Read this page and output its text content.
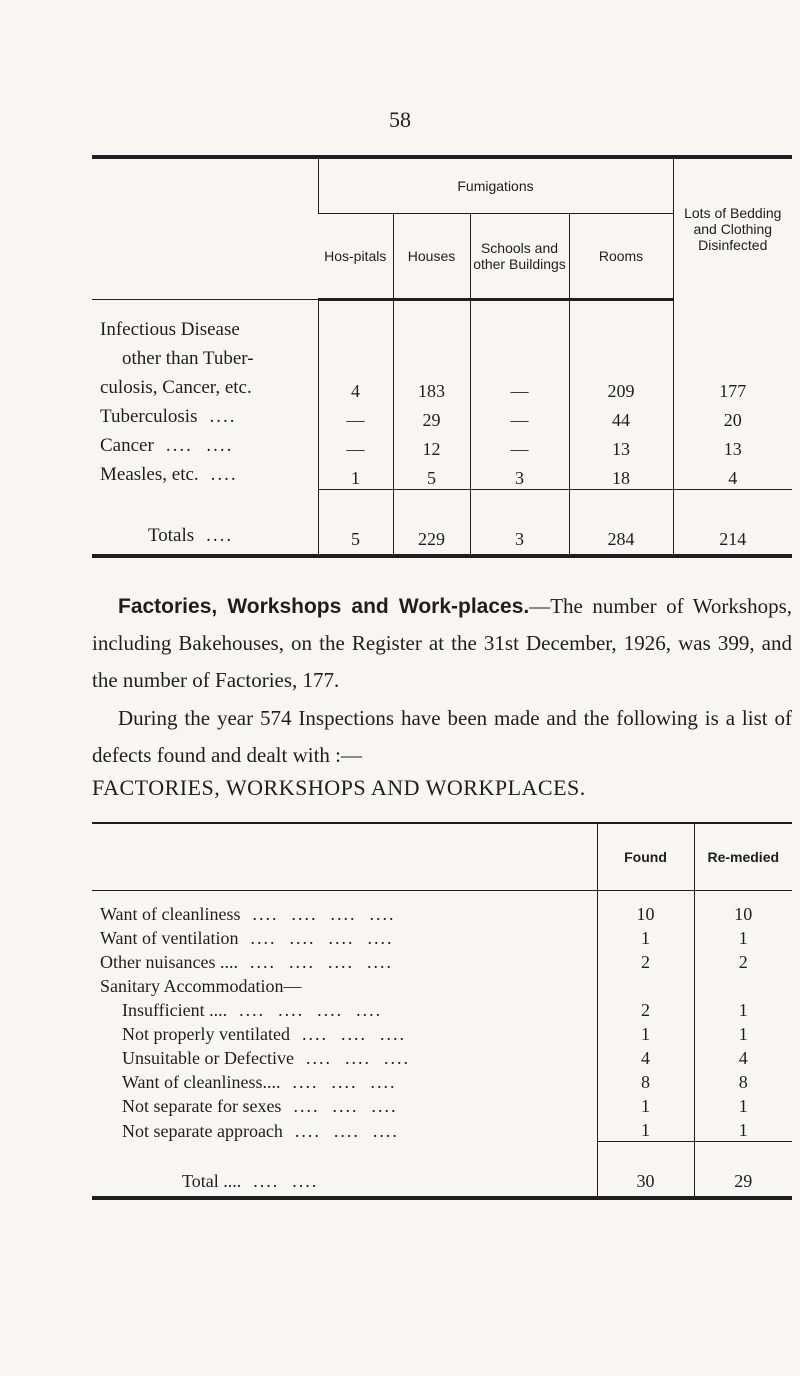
58
	Fumigations				Lots of Bedding and Clothing Disinfected
	Hos-pitals	Houses	Schools and other Buildings	Rooms	

Infectious Disease
other than Tuber-
culosis, Cancer, etc.	4	183	—	209	177
Tuberculosis ....	—	29	—	44	20
Cancer ....  ....	—	12	—	13	13
Measles, etc. ....	1	5	3	18	4
Totals ....	5	229	3	284	214
Factories, Workshops and Work-places.—The number of Workshops, including Bakehouses, on the Register at the 31st December, 1926, was 399, and the number of Factories, 177.
During the year 574 Inspections have been made and the following is a list of defects found and dealt with :—
FACTORIES, WORKSHOPS AND WORKPLACES.
	Found	Re-medied
Want of cleanliness ....  ....  ....  ....	10	10
Want of ventilation ....  ....  ....  ....	1	1
Other nuisances .... ....  ....  ....  ....	2	2
Sanitary Accommodation—		
Insufficient .... ....  ....  ....  ....	2	1
Not properly ventilated ....  ....  ....	1	1
Unsuitable or Defective ....  ....  ....	4	4
Want of cleanliness.... ....  ....  ....	8	8
Not separate for sexes ....  ....  ....	1	1
Not separate approach ....  ....  ....	1	1
Total .... ....  ....	30	29
